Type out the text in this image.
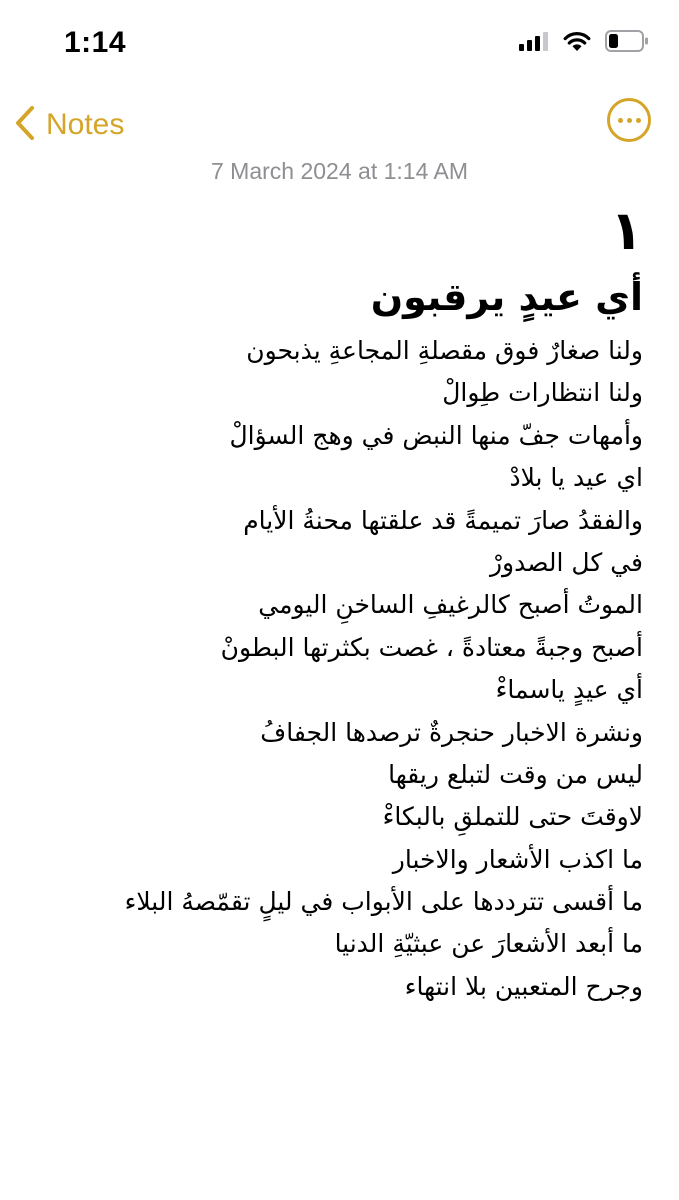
1:14
Notes
7 March 2024 at 1:14 AM
١
أي عيدٍ يرقبون
ولنا صغارٌ فوق مقصلةِ المجاعةِ يذبحون
ولنا انتظارات طِوالْ
وأمهات جفّ منها النبض في وهج السؤالْ
اي عيد يا بلادْ
والفقدُ صارَ تميمةً قد علقتها محنةُ الأيام
في كل الصدورْ
الموتُ أصبح كالرغيفِ الساخنِ اليومي
أصبح وجبةً معتادةً ، غصت بكثرتها البطونْ
أي عيدٍ ياسماءْ
ونشرة الاخبار حنجرةٌ ترصدها الجفافُ
ليس من وقت لتبلع ريقها
لاوقتَ حتى للتملقِ بالبكاءْ
ما اكذب الأشعار والاخبار
ما أقسى تترددها على الأبواب في ليلٍ تقمّصهُ البلاء
ما أبعد الأشعارَ عن عبثيّةِ الدنيا
وجرح المتعبين بلا انتهاء
